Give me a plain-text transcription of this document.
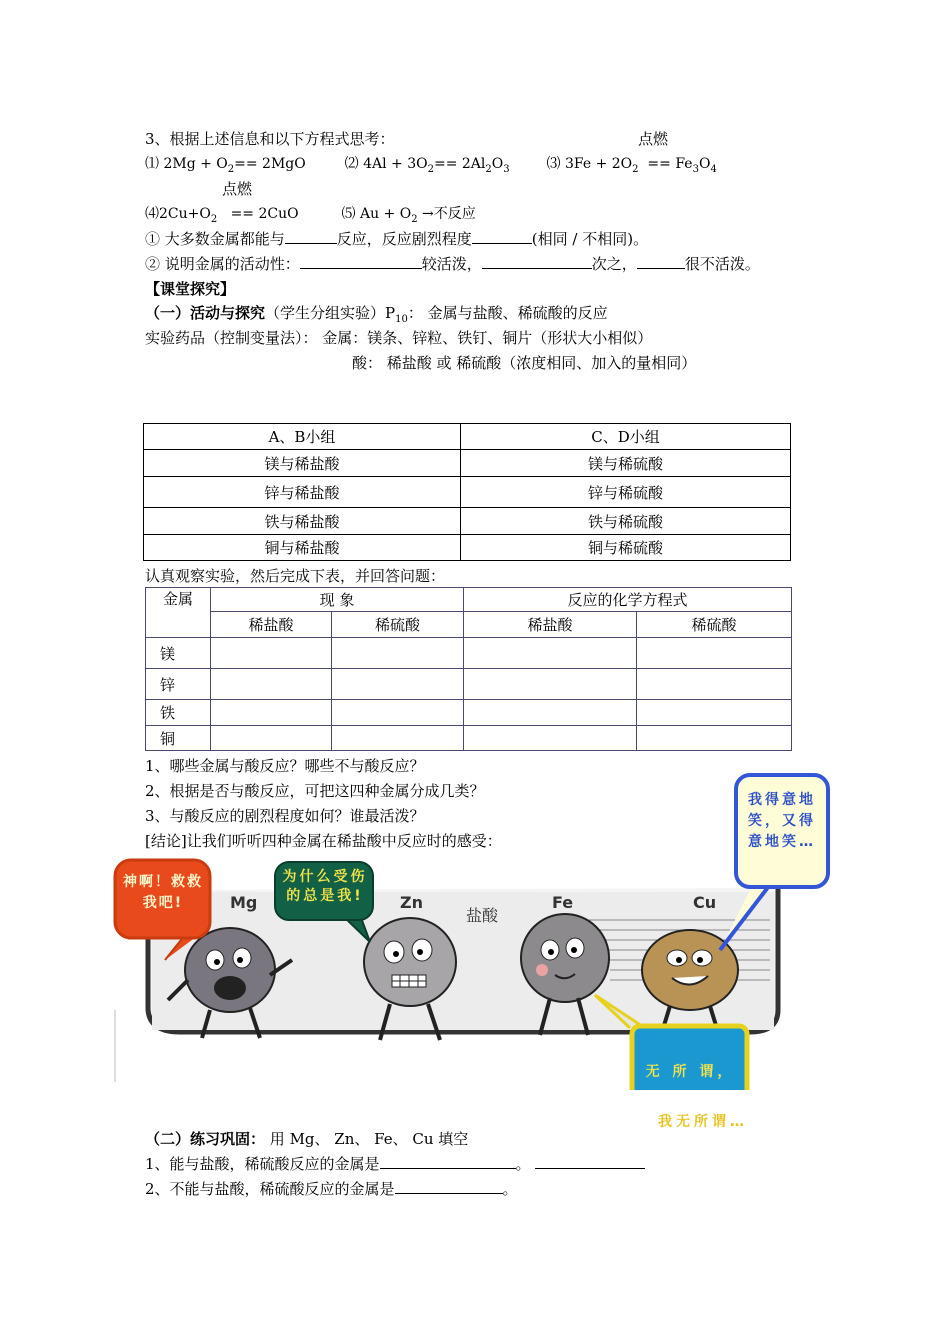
3、根据上述信息和以下方程式思考：	点燃
⑴ $2Mg + O_2== 2MgO$	⑵ $4Al + 3O_2== 2Al_2O_3$	⑶ $3Fe + 2O_2 == Fe_3O_4$
点燃
$⑷2Cu+O_2 == 2CuO$	⑸ $Au + O_2$ →不反应
① 大多数金属都能与	反应，反应剧烈程度	(相同 / 不相同)。
② 说明金属的活动性：	较活泼，	次之，	很不活泼。
【课堂探究】
（一）活动与探究（学生分组实验）$P_{10}$： 金属与盐酸、稀硫酸的反应
实验药品（控制变量法）： 金属：镁条、锌粒、铁钉、铜片（形状大小相似）
酸： 稀盐酸 或 稀硫酸（浓度相同、加入的量相同）
A、B小组	C、D小组
镁与稀盐酸	镁与稀硫酸
锌与稀盐酸	锌与稀硫酸
铁与稀盐酸	铁与稀硫酸
铜与稀盐酸	铜与稀硫酸
认真观察实验，然后完成下表，并回答问题：
金属	现 象		反应的化学方程式	
	稀盐酸	稀硫酸	稀盐酸	稀硫酸
镁				
锌				
铁				
铜				
1、哪些金属与酸反应？哪些不与酸反应？
2、根据是否与酸反应，可把这四种金属分成几类？
3、与酸反应的剧烈程度如何？谁最活泼？
[结论]让我们听听四种金属在稀盐酸中反应时的感受：
Mg	Zn
盐酸
Fe	Cu
神啊！救救我吧!
为什么受伤的总是我!
我得意地笑，又得意地笑…
无 所 谓，
我无所谓…
（二）练习巩固： 用 Mg、 Zn、 Fe、 Cu 填空
1、能与盐酸，稀硫酸反应的金属是	。
2、不能与盐酸，稀硫酸反应的金属是	。
